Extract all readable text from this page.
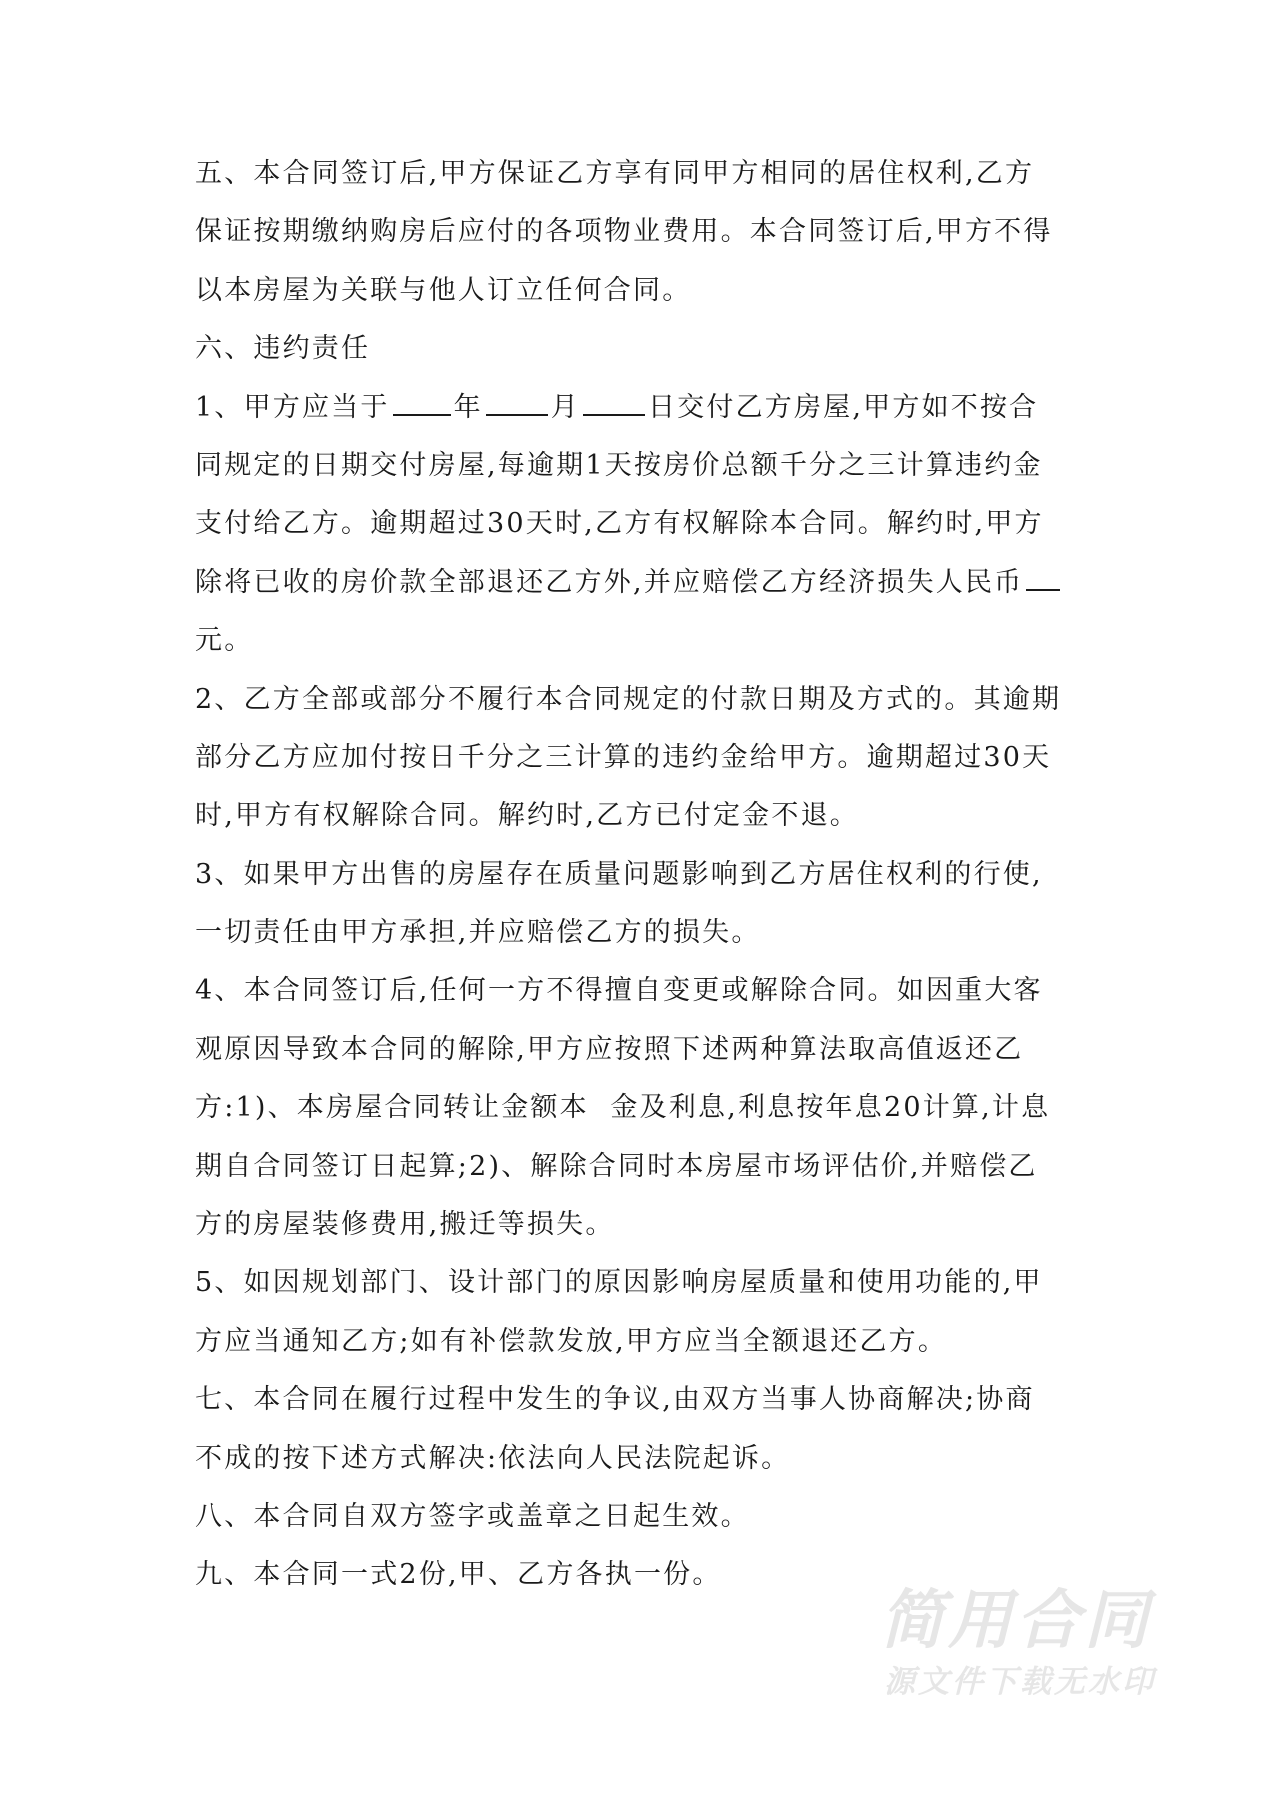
五、本合同签订后,甲方保证乙方享有同甲方相同的居住权利,乙方
保证按期缴纳购房后应付的各项物业费用。本合同签订后,甲方不得
以本房屋为关联与他人订立任何合同。
六、违约责任
1、甲方应当于 年	月	日交付乙方房屋,甲方如不按合
同规定的日期交付房屋,每逾期1天按房价总额千分之三计算违约金
支付给乙方。逾期超过30天时,乙方有权解除本合同。解约时,甲方
除将已收的房价款全部退还乙方外,并应赔偿乙方经济损失人民币
元。
2、乙方全部或部分不履行本合同规定的付款日期及方式的。其逾期
部分乙方应加付按日千分之三计算的违约金给甲方。逾期超过30天
时,甲方有权解除合同。解约时,乙方已付定金不退。
3、如果甲方出售的房屋存在质量问题影响到乙方居住权利的行使,
一切责任由甲方承担,并应赔偿乙方的损失。
4、本合同签订后,任何一方不得擅自变更或解除合同。如因重大客
观原因导致本合同的解除,甲方应按照下述两种算法取高值返还乙
方:1)、本房屋合同转让金额本  金及利息,利息按年息20计算,计息
期自合同签订日起算;2)、解除合同时本房屋市场评估价,并赔偿乙
方的房屋装修费用,搬迁等损失。
5、如因规划部门、设计部门的原因影响房屋质量和使用功能的,甲
方应当通知乙方;如有补偿款发放,甲方应当全额退还乙方。
七、本合同在履行过程中发生的争议,由双方当事人协商解决;协商
不成的按下述方式解决:依法向人民法院起诉。
八、本合同自双方签字或盖章之日起生效。
九、本合同一式2份,甲、乙方各执一份。
简用合同
源文件下载无水印
